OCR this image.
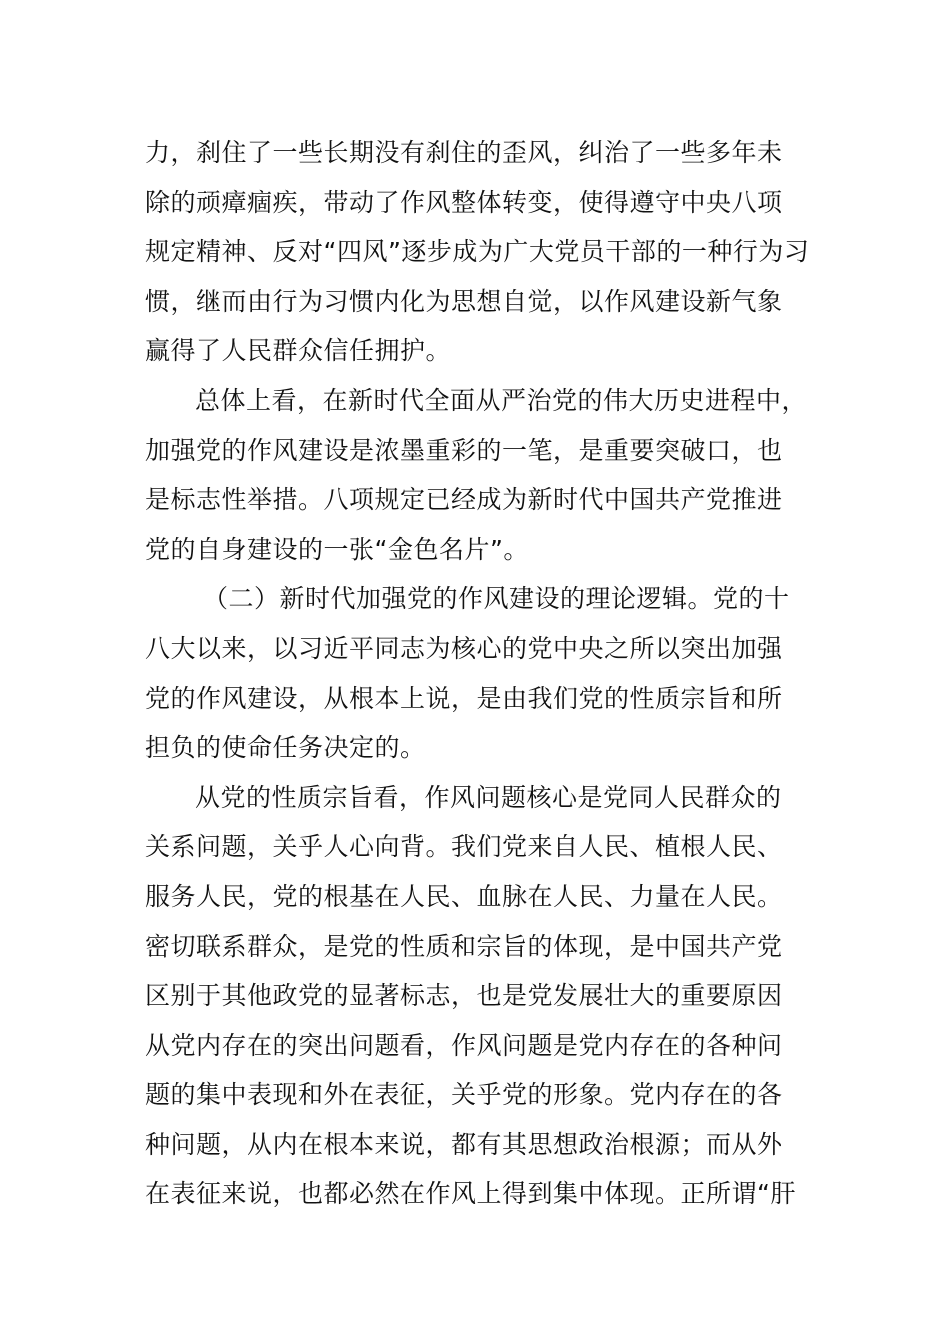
力，刹住了一些长期没有刹住的歪风，纠治了一些多年未
除的顽瘴痼疾，带动了作风整体转变，使得遵守中央八项
规定精神、反对“四风”逐步成为广大党员干部的一种行为习
惯，继而由行为习惯内化为思想自觉，以作风建设新气象
赢得了人民群众信任拥护。
总体上看，在新时代全面从严治党的伟大历史进程中，
加强党的作风建设是浓墨重彩的一笔，是重要突破口，也
是标志性举措。八项规定已经成为新时代中国共产党推进
党的自身建设的一张“金色名片”。
（二）新时代加强党的作风建设的理论逻辑。党的十
八大以来，以习近平同志为核心的党中央之所以突出加强
党的作风建设，从根本上说，是由我们党的性质宗旨和所
担负的使命任务决定的。
从党的性质宗旨看，作风问题核心是党同人民群众的
关系问题，关乎人心向背。我们党来自人民、植根人民、
服务人民，党的根基在人民、血脉在人民、力量在人民。
密切联系群众，是党的性质和宗旨的体现，是中国共产党
区别于其他政党的显著标志，也是党发展壮大的重要原因
从党内存在的突出问题看，作风问题是党内存在的各种问
题的集中表现和外在表征，关乎党的形象。党内存在的各
种问题，从内在根本来说，都有其思想政治根源；而从外
在表征来说，也都必然在作风上得到集中体现。正所谓“肝
